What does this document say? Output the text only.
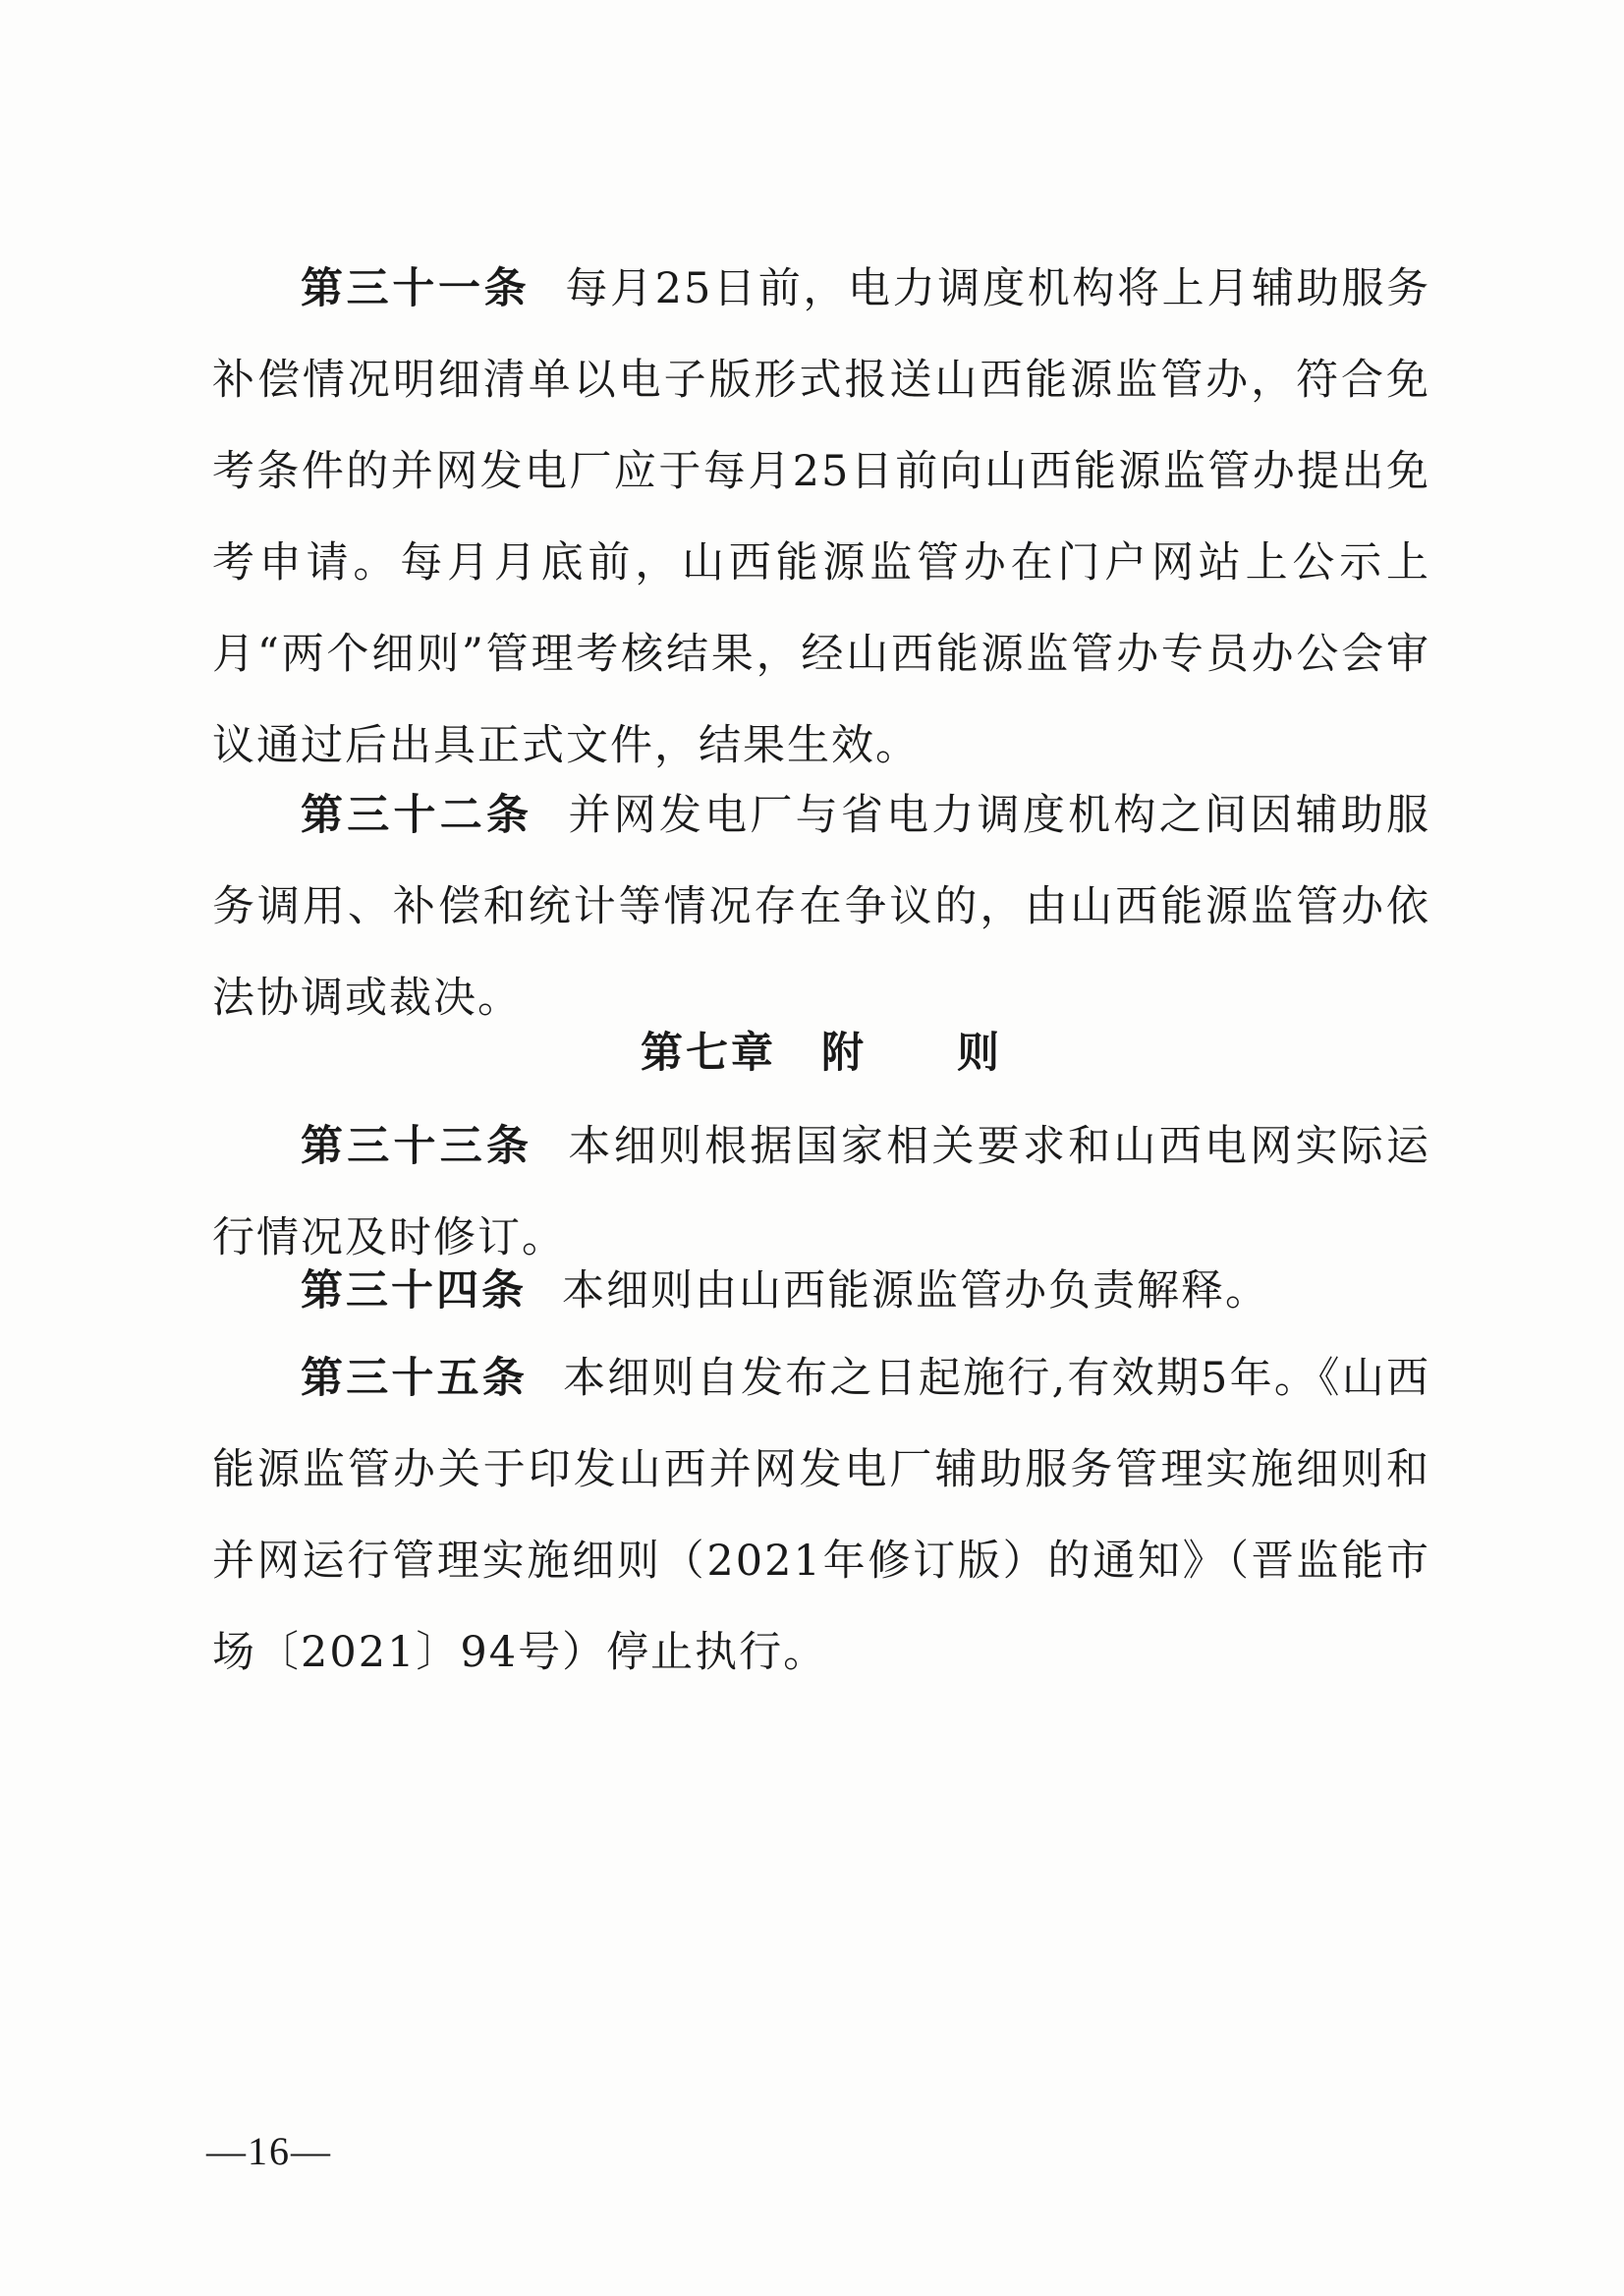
第三十一条 每月25日前，电力调度机构将上月辅助服务补偿情况明细清单以电子版形式报送山西能源监管办，符合免考条件的并网发电厂应于每月25日前向山西能源监管办提出免考申请。每月月底前，山西能源监管办在门户网站上公示上月“两个细则”管理考核结果，经山西能源监管办专员办公会审议通过后出具正式文件，结果生效。

第三十二条 并网发电厂与省电力调度机构之间因辅助服务调用、补偿和统计等情况存在争议的，由山西能源监管办依法协调或裁决。

第七章　附　　则

第三十三条 本细则根据国家相关要求和山西电网实际运行情况及时修订。

第三十四条 本细则由山西能源监管办负责解释。

第三十五条 本细则自发布之日起施行,有效期5年。《山西能源监管办关于印发山西并网发电厂辅助服务管理实施细则和并网运行管理实施细则（2021年修订版）的通知》（晋监能市场〔2021〕94号）停止执行。

—16—
